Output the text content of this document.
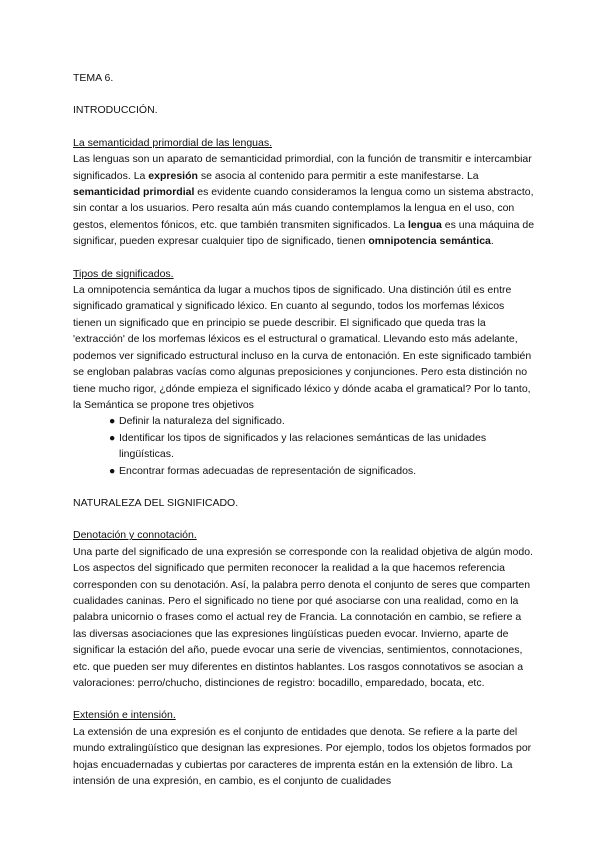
TEMA 6.

INTRODUCCIÓN.

La semanticidad primordial de las lenguas.

Las lenguas son un aparato de semanticidad primordial, con la función de transmitir e intercambiar significados. La expresión se asocia al contenido para permitir a este manifestarse. La semanticidad primordial es evidente cuando consideramos la lengua como un sistema abstracto, sin contar a los usuarios. Pero resalta aún más cuando contemplamos la lengua en el uso, con gestos, elementos fónicos, etc. que también transmiten significados. La lengua es una máquina de significar, pueden expresar cualquier tipo de significado, tienen omnipotencia semántica.

Tipos de significados.

La omnipotencia semántica da lugar a muchos tipos de significado. Una distinción útil es entre significado gramatical y significado léxico. En cuanto al segundo, todos los morfemas léxicos tienen un significado que en principio se puede describir. El significado que queda tras la 'extracción' de los morfemas léxicos es el estructural o gramatical. Llevando esto más adelante, podemos ver significado estructural incluso en la curva de entonación. En este significado también se engloban palabras vacías como algunas preposiciones y conjunciones. Pero esta distinción no tiene mucho rigor, ¿dónde empieza el significado léxico y dónde acaba el gramatical? Por lo tanto, la Semántica se propone tres objetivos

● Definir la naturaleza del significado.
● Identificar los tipos de significados y las relaciones semánticas de las unidades lingüísticas.
● Encontrar formas adecuadas de representación de significados.

NATURALEZA DEL SIGNIFICADO.

Denotación y connotación.

Una parte del significado de una expresión se corresponde con la realidad objetiva de algún modo. Los aspectos del significado que permiten reconocer la realidad a la que hacemos referencia corresponden con su denotación. Así, la palabra perro denota el conjunto de seres que comparten cualidades caninas. Pero el significado no tiene por qué asociarse con una realidad, como en la palabra unicornio o frases como el actual rey de Francia. La connotación en cambio, se refiere a las diversas asociaciones que las expresiones lingüísticas pueden evocar. Invierno, aparte de significar la estación del año, puede evocar una serie de vivencias, sentimientos, connotaciones, etc. que pueden ser muy diferentes en distintos hablantes. Los rasgos connotativos se asocian a valoraciones: perro/chucho, distinciones de registro: bocadillo, emparedado, bocata, etc.

Extensión e intensión.

La extensión de una expresión es el conjunto de entidades que denota. Se refiere a la parte del mundo extralingüístico que designan las expresiones. Por ejemplo, todos los objetos formados por hojas encuadernadas y cubiertas por caracteres de imprenta están en la extensión de libro. La intensión de una expresión, en cambio, es el conjunto de cualidades
